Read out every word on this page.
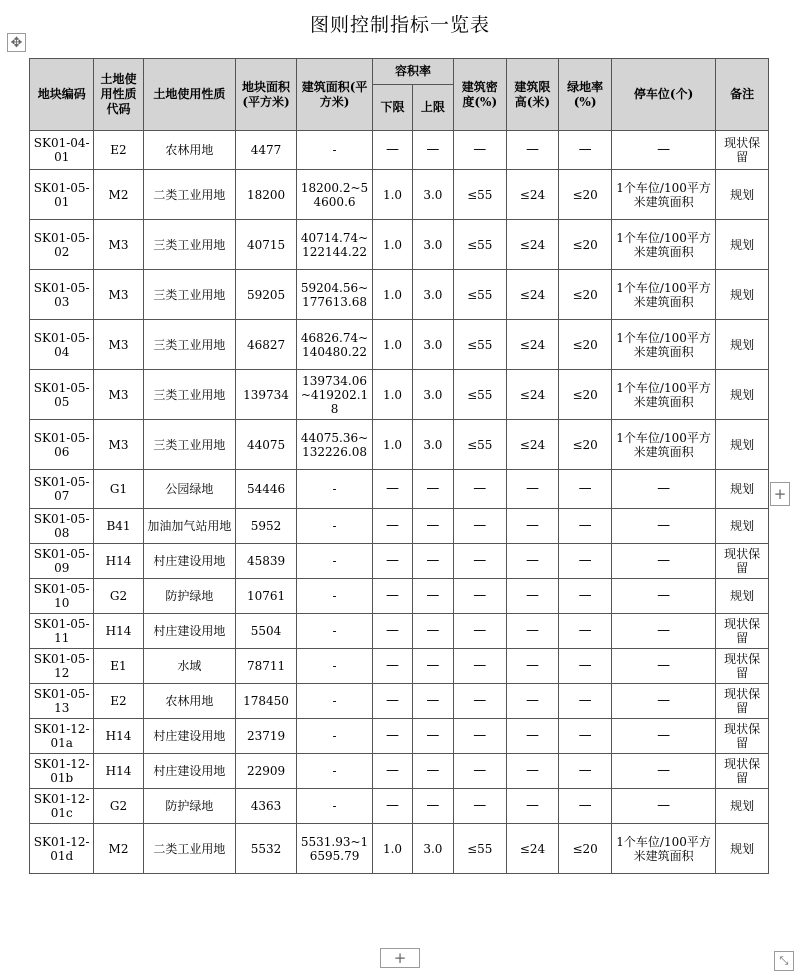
图则控制指标一览表
✥
地块编码	土地使用性质代码	土地使用性质	地块面积(平方米)	建筑面积(平方米)	容积率		建筑密度(%)	建筑限高(米)	绿地率(%)	停车位(个)	备注
					下限	上限					
SK01-04-01	E2	农林用地	4477	-	—	—	—	—	—	—	现状保留
SK01-05-01	M2	二类工业用地	18200	18200.2~54600.6	1.0	3.0	≤55	≤24	≤20	1个车位/100平方米建筑面积	规划
SK01-05-02	M3	三类工业用地	40715	40714.74~122144.22	1.0	3.0	≤55	≤24	≤20	1个车位/100平方米建筑面积	规划
SK01-05-03	M3	三类工业用地	59205	59204.56~177613.68	1.0	3.0	≤55	≤24	≤20	1个车位/100平方米建筑面积	规划
SK01-05-04	M3	三类工业用地	46827	46826.74~140480.22	1.0	3.0	≤55	≤24	≤20	1个车位/100平方米建筑面积	规划
SK01-05-05	M3	三类工业用地	139734	139734.06~419202.18	1.0	3.0	≤55	≤24	≤20	1个车位/100平方米建筑面积	规划
SK01-05-06	M3	三类工业用地	44075	44075.36~132226.08	1.0	3.0	≤55	≤24	≤20	1个车位/100平方米建筑面积	规划
SK01-05-07	G1	公园绿地	54446	-	—	—	—	—	—	—	规划
SK01-05-08	B41	加油加气站用地	5952	-	—	—	—	—	—	—	规划
SK01-05-09	H14	村庄建设用地	45839	-	—	—	—	—	—	—	现状保留
SK01-05-10	G2	防护绿地	10761	-	—	—	—	—	—	—	规划
SK01-05-11	H14	村庄建设用地	5504	-	—	—	—	—	—	—	现状保留
SK01-05-12	E1	水域	78711	-	—	—	—	—	—	—	现状保留
SK01-05-13	E2	农林用地	178450	-	—	—	—	—	—	—	现状保留
SK01-12-01a	H14	村庄建设用地	23719	-	—	—	—	—	—	—	现状保留
SK01-12-01b	H14	村庄建设用地	22909	-	—	—	—	—	—	—	现状保留
SK01-12-01c	G2	防护绿地	4363	-	—	—	—	—	—	—	规划
SK01-12-01d	M2	二类工业用地	5532	5531.93~16595.79	1.0	3.0	≤55	≤24	≤20	1个车位/100平方米建筑面积	规划
+
+	⤡
